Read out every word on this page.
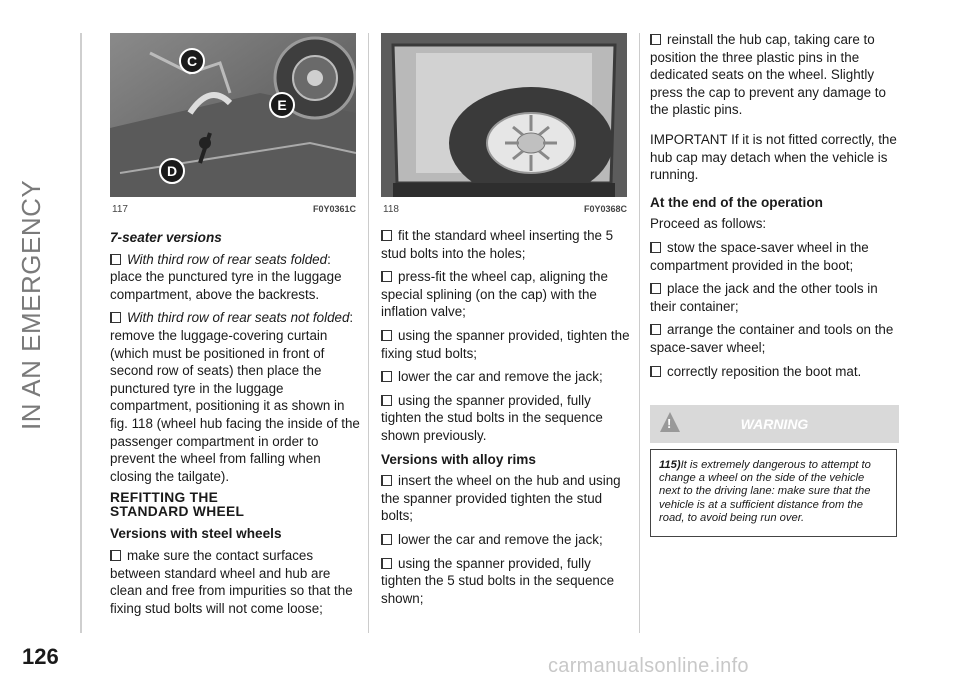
IN AN EMERGENCY
126	carmanualsonline.info
C
E
D
117	F0Y0361C	118	F0Y0368C
7-seater versions

With third row of rear seats folded: place the punctured tyre in the luggage compartment, above the backrests.

With third row of rear seats not folded: remove the luggage-covering curtain (which must be positioned in front of second row of seats) then place the punctured tyre in the luggage compartment, positioning it as shown in fig. 118 (wheel hub facing the inside of the passenger compartment in order to prevent the wheel from falling when closing the tailgate).

REFITTING THE
STANDARD WHEEL
Versions with steel wheels

make sure the contact surfaces between standard wheel and hub are clean and free from impurities so that the fixing stud bolts will not come loose;

fit the standard wheel inserting the 5 stud bolts into the holes;

press-fit the wheel cap, aligning the special splining (on the cap) with the inflation valve;

using the spanner provided, tighten the fixing stud bolts;

lower the car and remove the jack;

using the spanner provided, fully tighten the stud bolts in the sequence shown previously.

Versions with alloy rims

insert the wheel on the hub and using the spanner provided tighten the stud bolts;

lower the car and remove the jack;

using the spanner provided, fully tighten the 5 stud bolts in the sequence shown;

reinstall the hub cap, taking care to position the three plastic pins in the dedicated seats on the wheel. Slightly press the cap to prevent any damage to the plastic pins.

IMPORTANT If it is not fitted correctly, the hub cap may detach when the vehicle is running.

At the end of the operation

Proceed as follows:

stow the space-saver wheel in the compartment provided in the boot;

place the jack and the other tools in their container;

arrange the container and tools on the space-saver wheel;

correctly reposition the boot mat.

WARNING
!
115)It is extremely dangerous to attempt to change a wheel on the side of the vehicle next to the driving lane: make sure that the vehicle is at a sufficient distance from the road, to avoid being run over.
